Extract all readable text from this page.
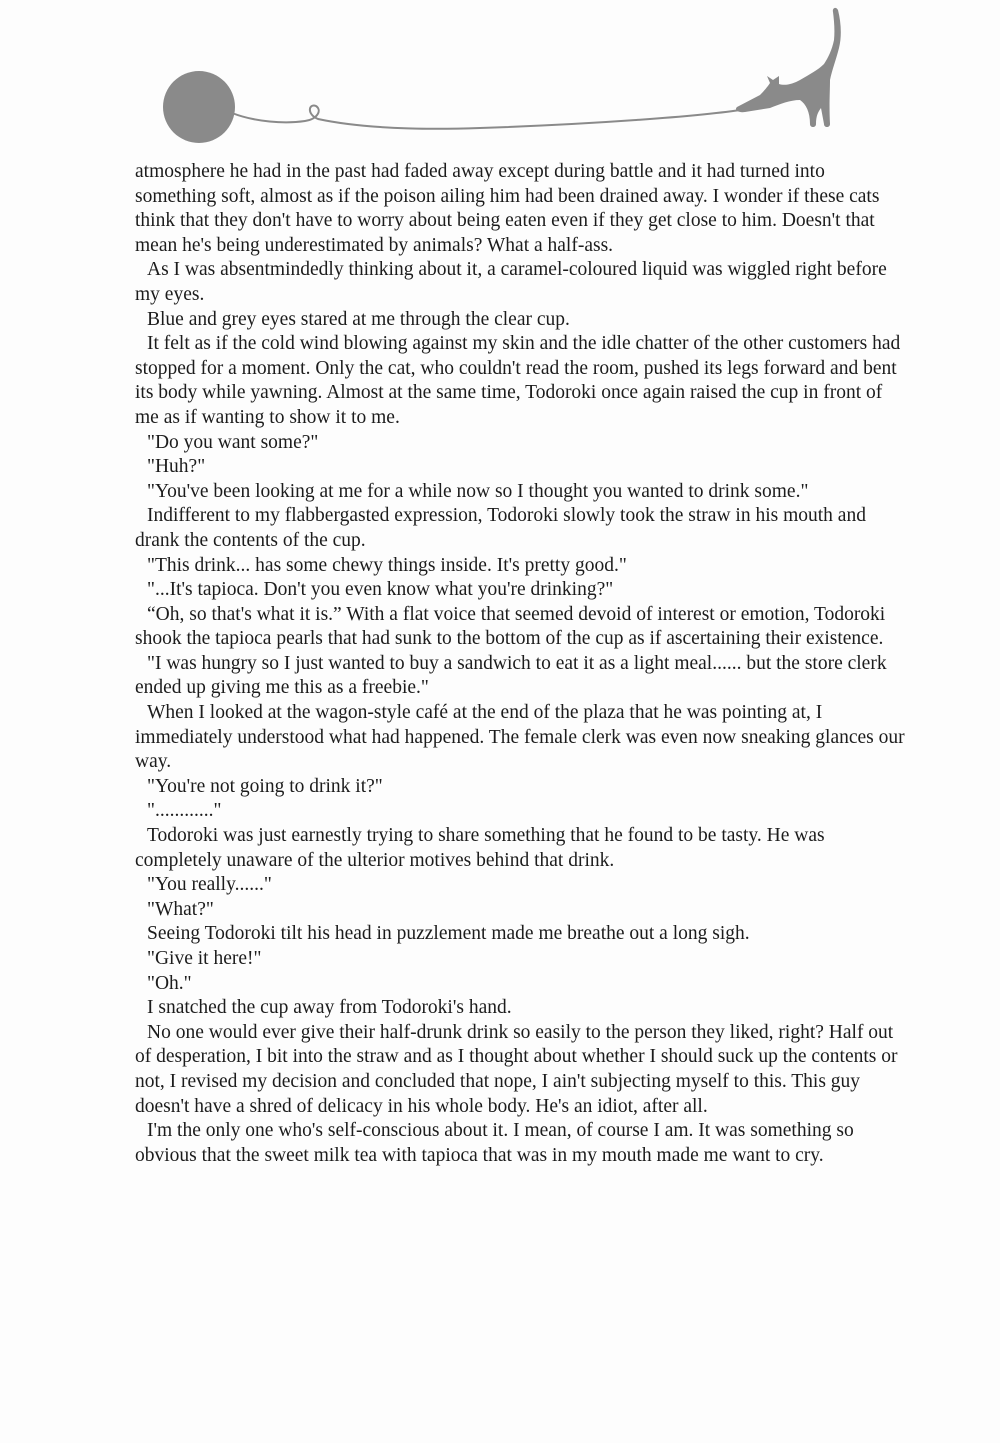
atmosphere he had in the past had faded away except during battle and it had turned into something soft, almost as if the poison ailing him had been drained away. I wonder if these cats think that they don't have to worry about being eaten even if they get close to him. Doesn't that mean he's being underestimated by animals? What a half-ass.

As I was absentmindedly thinking about it, a caramel-coloured liquid was wiggled right before my eyes.

Blue and grey eyes stared at me through the clear cup.

It felt as if the cold wind blowing against my skin and the idle chatter of the other customers had stopped for a moment. Only the cat, who couldn't read the room, pushed its legs forward and bent its body while yawning. Almost at the same time, Todoroki once again raised the cup in front of me as if wanting to show it to me.

"Do you want some?"

"Huh?"

"You've been looking at me for a while now so I thought you wanted to drink some."

Indifferent to my flabbergasted expression, Todoroki slowly took the straw in his mouth and drank the contents of the cup.

"This drink... has some chewy things inside. It's pretty good."

"...It's tapioca. Don't you even know what you're drinking?"

“Oh, so that's what it is.” With a flat voice that seemed devoid of interest or emotion, Todoroki shook the tapioca pearls that had sunk to the bottom of the cup as if ascertaining their existence.

"I was hungry so I just wanted to buy a sandwich to eat it as a light meal...... but the store clerk ended up giving me this as a freebie."

When I looked at the wagon-style café at the end of the plaza that he was pointing at, I immediately understood what had happened. The female clerk was even now sneaking glances our way.

"You're not going to drink it?"

"............"

Todoroki was just earnestly trying to share something that he found to be tasty. He was completely unaware of the ulterior motives behind that drink.

"You really......"

"What?"

Seeing Todoroki tilt his head in puzzlement made me breathe out a long sigh.

"Give it here!"

"Oh."

I snatched the cup away from Todoroki's hand.

No one would ever give their half-drunk drink so easily to the person they liked, right? Half out of desperation, I bit into the straw and as I thought about whether I should suck up the contents or not, I revised my decision and concluded that nope, I ain't subjecting myself to this. This guy doesn't have a shred of delicacy in his whole body. He's an idiot, after all.

I'm the only one who's self-conscious about it. I mean, of course I am. It was something so obvious that the sweet milk tea with tapioca that was in my mouth made me want to cry.
